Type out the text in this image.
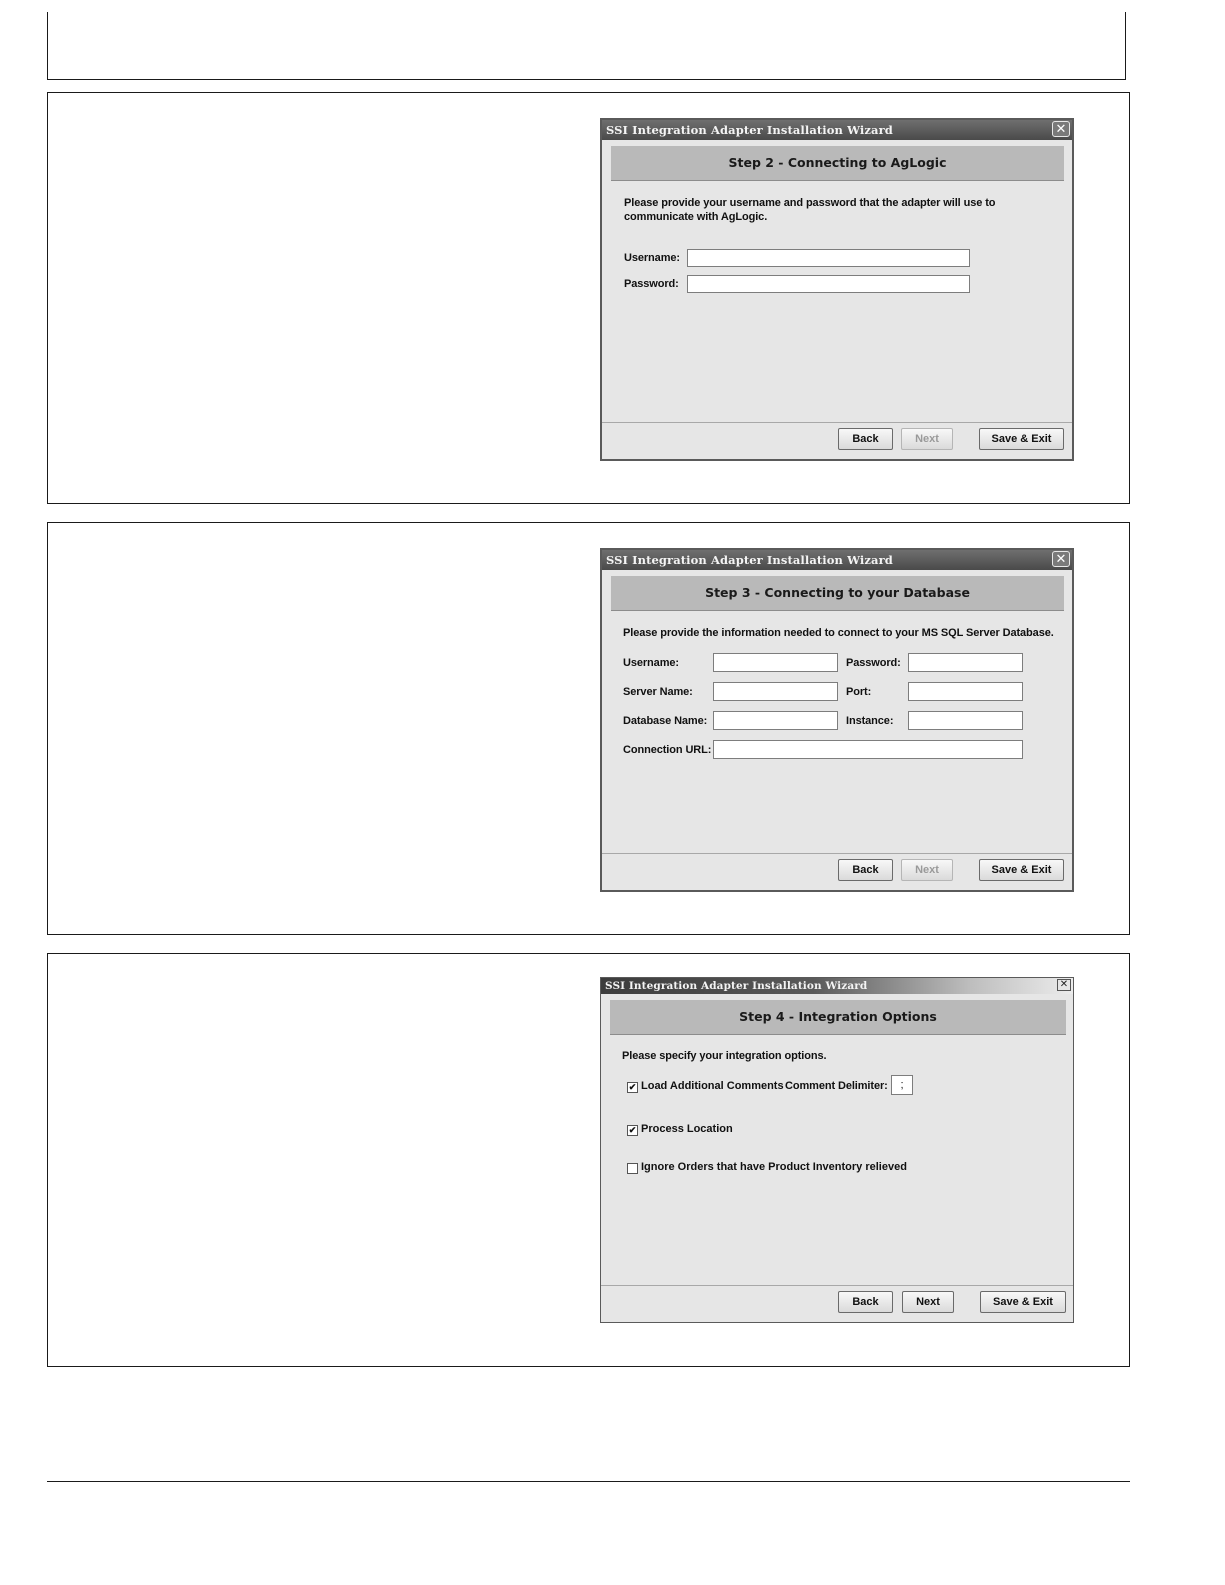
SSI Integration Adapter Installation Wizard	✕
Step 2 - Connecting to AgLogic
Please provide your username and password that the adapter will use to
communicate with AgLogic.
Username:
Password:
Back	Next	Save & Exit
SSI Integration Adapter Installation Wizard	✕
Step 3 - Connecting to your Database
Please provide the information needed to connect to your MS SQL Server Database.
Username:	Password:
Server Name:	Port:
Database Name:	Instance:
Connection URL:
Back	Next	Save & Exit
SSI Integration Adapter Installation Wizard	✕
Step 4 - Integration Options
Please specify your integration options.
✔ Load Additional Comments Comment Delimiter:	;
✔ Process Location
Ignore Orders that have Product Inventory relieved
Back	Next	Save & Exit
